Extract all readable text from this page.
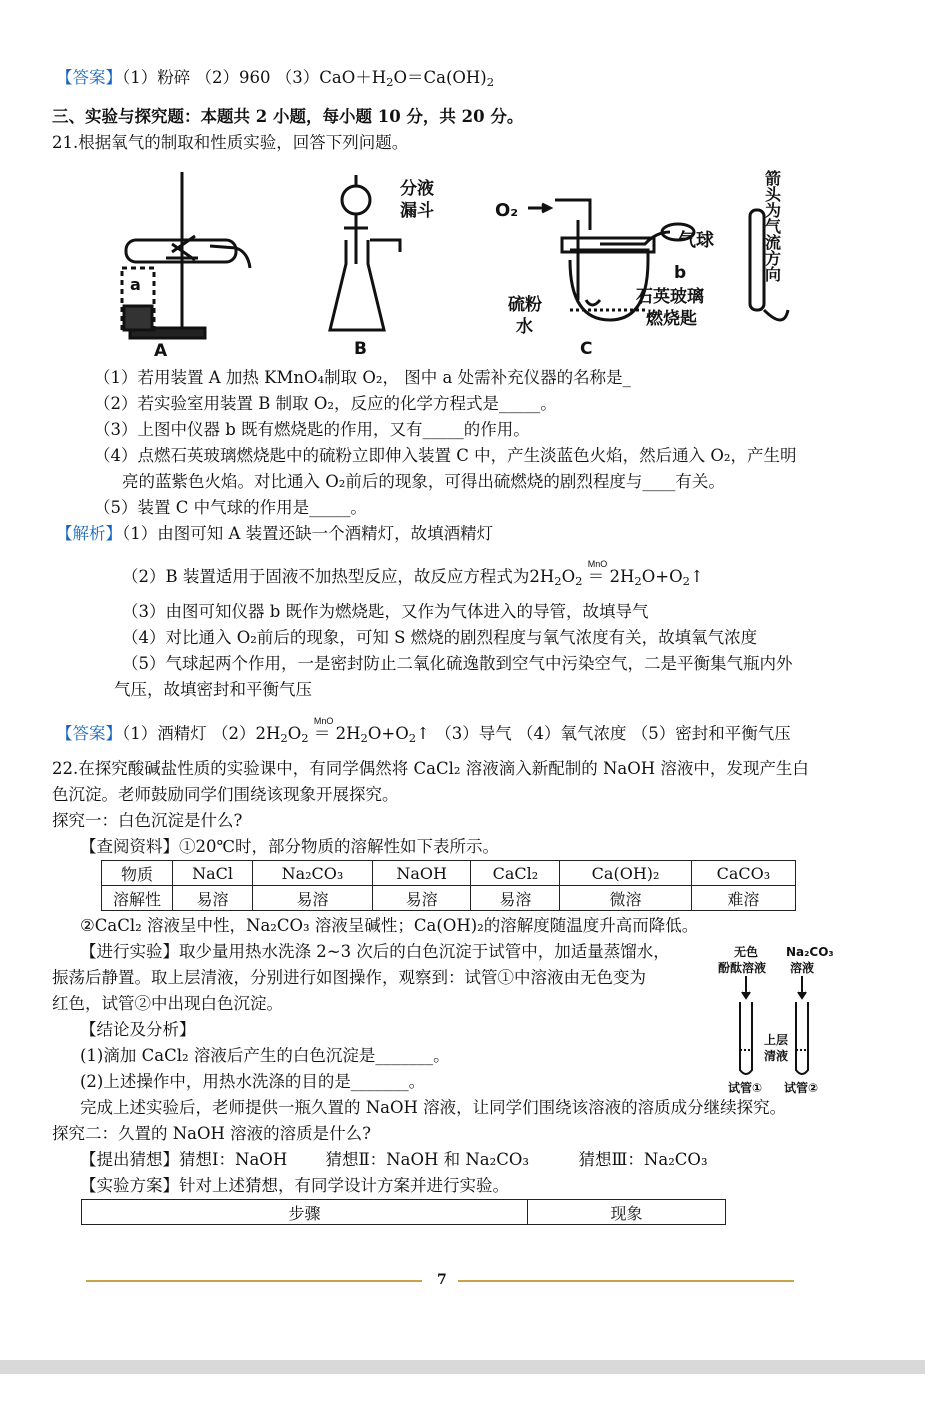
【答案】（1）粉碎 （2）960 $(3)CaO+H_2O=Ca(OH)_2$
三、实验与探究题：本题共 2 小题，每小题 10 分，共 20 分。
21.根据氧气的制取和性质实验，回答下列问题。
a
A
分液
漏斗
B
O₂
气球
b
石英玻璃
燃烧匙
硫粉
水
C
箭头为气流方向
（1）若用装置 A 加热 KMnO₄制取 O₂， 图中 a 处需补充仪器的名称是_
（2）若实验室用装置 B 制取 O₂，反应的化学方程式是_____。
（3）上图中仪器 b 既有燃烧匙的作用，又有_____的作用。
（4）点燃石英玻璃燃烧匙中的硫粉立即伸入装置 C 中，产生淡蓝色火焰，然后通入 O₂，产生明
亮的蓝紫色火焰。对比通入 O₂前后的现象，可得出硫燃烧的剧烈程度与____有关。
（5）装置 C 中气球的作用是_____。
【解析】（1）由图可知 A 装置还缺一个酒精灯，故填酒精灯
（2）B 装置适用于固液不加热型反应，故反应方程式为$2H_2O_2$
MnO
＝ $2H_2O+O_2↑$
（3）由图可知仪器 b 既作为燃烧匙，又作为气体进入的导管，故填导气
（4）对比通入 O₂前后的现象，可知 S 燃烧的剧烈程度与氧气浓度有关，故填氧气浓度
（5）气球起两个作用，一是密封防止二氧化硫逸散到空气中污染空气，二是平衡集气瓶内外
气压，故填密封和平衡气压
【答案】（1）酒精灯 $(2)2H_2O_2$
MnO
＝ $2H_2O+O_2↑$ （3）导气 （4）氧气浓度 （5）密封和平衡气压
22.在探究酸碱盐性质的实验课中，有同学偶然将 CaCl₂ 溶液滴入新配制的 NaOH 溶液中，发现产生白
色沉淀。老师鼓励同学们围绕该现象开展探究。
探究一：白色沉淀是什么?
【查阅资料】①20℃时，部分物质的溶解性如下表所示。
物质	NaCl	Na₂CO₃	NaOH	CaCl₂	Ca(OH)₂	CaCO₃
溶解性	易溶	易溶	易溶	易溶	微溶	难溶
②CaCl₂ 溶液呈中性，Na₂CO₃ 溶液呈碱性；Ca(OH)₂的溶解度随温度升高而降低。
【进行实验】取少量用热水洗涤 2~3 次后的白色沉淀于试管中，加适量蒸馏水，
振荡后静置。取上层清液，分别进行如图操作，观察到：试管①中溶液由无色变为
红色，试管②中出现白色沉淀。
【结论及分析】
(1)滴加 CaCl₂ 溶液后产生的白色沉淀是_______。
(2)上述操作中，用热水洗涤的目的是_______。
无色
酚酞溶液
Na₂CO₃
溶液
上层
清液
试管① 试管②
完成上述实验后，老师提供一瓶久置的 NaOH 溶液，让同学们围绕该溶液的溶质成分继续探究。
探究二：久置的 NaOH 溶液的溶质是什么?
【提出猜想】猜想Ⅰ：NaOH　　 猜想Ⅱ：NaOH 和 Na₂CO₃　　　猜想Ⅲ：Na₂CO₃
【实验方案】针对上述猜想，有同学设计方案并进行实验。
步骤	现象
7
